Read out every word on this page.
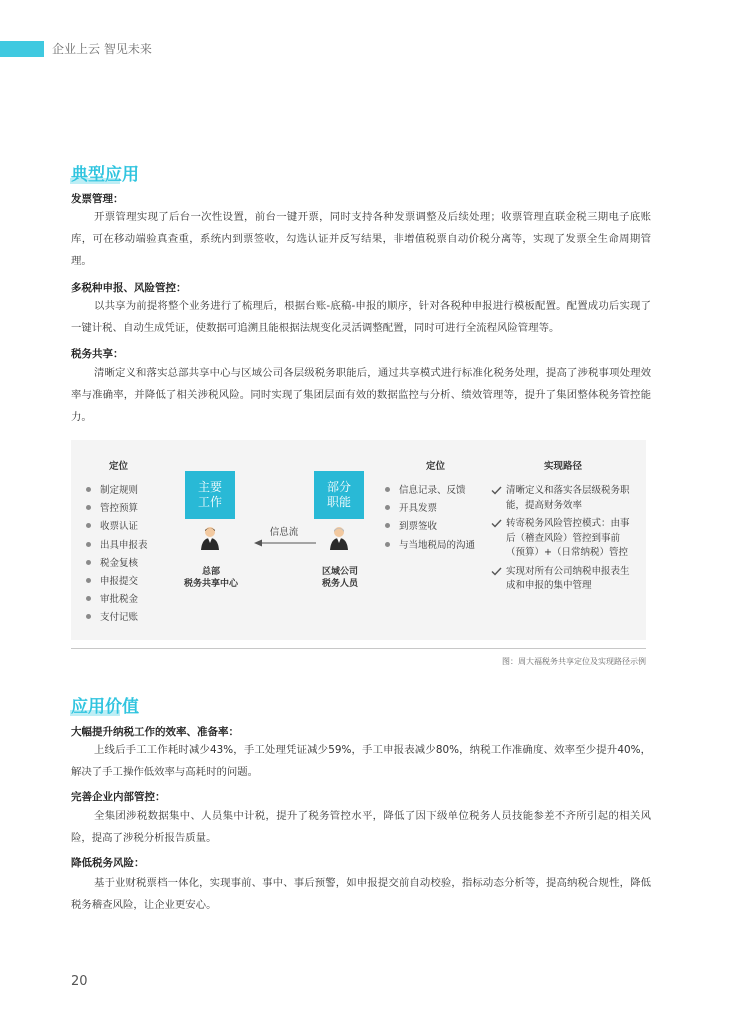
企业上云 智见未来
典型应用
发票管理：
开票管理实现了后台一次性设置，前台一键开票，同时支持各种发票调整及后续处理；收票管理直联金税三期电子底账库，可在移动端验真查重，系统内到票签收，勾选认证并反写结果，非增值税票自动价税分离等，实现了发票全生命周期管理。
多税种申报、风险管控：
以共享为前提将整个业务进行了梳理后，根据台账-底稿-申报的顺序，针对各税种申报进行模板配置。配置成功后实现了一键计税、自动生成凭证，使数据可追溯且能根据法规变化灵活调整配置，同时可进行全流程风险管理等。
税务共享：
清晰定义和落实总部共享中心与区域公司各层级税务职能后，通过共享模式进行标准化税务处理，提高了涉税事项处理效率与准确率，并降低了相关涉税风险。同时实现了集团层面有效的数据监控与分析、绩效管理等，提升了集团整体税务管控能力。
定位
制定规则
管控预算
收票认证
出具申报表
税金复核
申报提交
审批税金
支付记账
主要
工作
总部
税务共享中心
信息流
部分
职能
区域公司
税务人员
定位
信息记录、反馈
开具发票
到票签收
与当地税局的沟通
实现路径
清晰定义和落实各层级税务职能，提高财务效率
转寄税务风险管控模式：由事后（稽查风险）管控到事前（预算）+（日常纳税）管控
实现对所有公司纳税申报表生成和申报的集中管理
图：周大福税务共享定位及实现路径示例
应用价值
大幅提升纳税工作的效率、准备率：
上线后手工工作耗时减少43%，手工处理凭证减少59%，手工申报表减少80%，纳税工作准确度、效率至少提升40%，解决了手工操作低效率与高耗时的问题。
完善企业内部管控：
全集团涉税数据集中、人员集中计税，提升了税务管控水平，降低了因下级单位税务人员技能参差不齐所引起的相关风险，提高了涉税分析报告质量。
降低税务风险：
基于业财税票档一体化，实现事前、事中、事后预警，如申报提交前自动校验，指标动态分析等，提高纳税合规性，降低税务稽查风险，让企业更安心。
20
